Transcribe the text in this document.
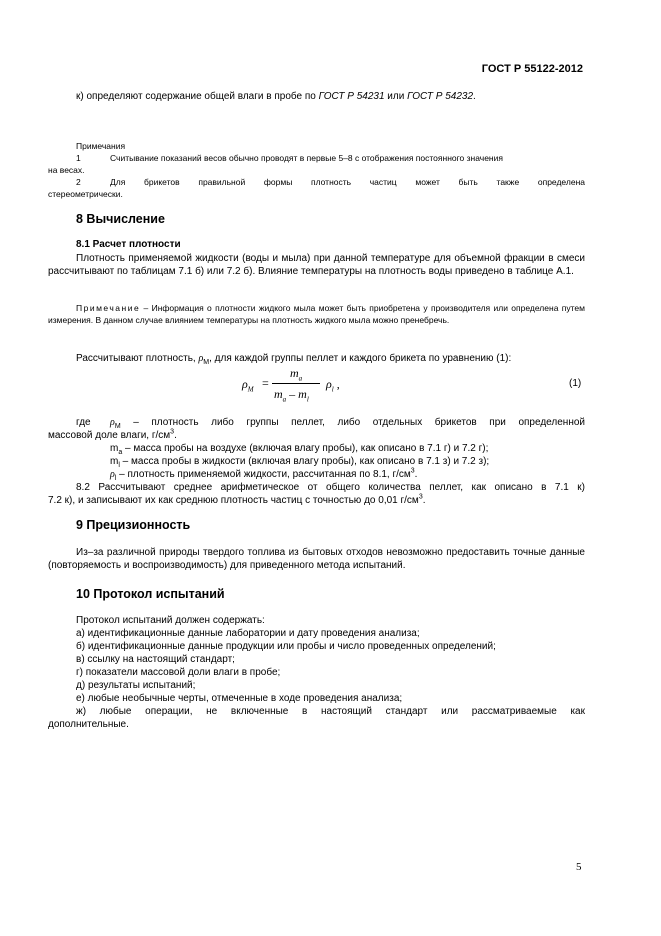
ГОСТ Р 55122-2012
к) определяют содержание общей влаги в пробе по ГОСТ Р 54231 или ГОСТ Р 54232.
Примечания
1	Считывание показаний весов обычно проводят в первые 5–8 с отображения постоянного значения
на весах.
2	Для брикетов правильной формы плотность частиц может быть также определена
стереометрически.
8 Вычисление
8.1 Расчет плотности
Плотность применяемой жидкости (воды и мыла) при данной температуре для объемной фракции в смеси рассчитывают по таблицам 7.1 б) или 7.2 б). Влияние температуры на плотность воды приведено в таблице А.1.
Примечание – Информация о плотности жидкого мыла может быть приобретена у производителя или определена путем измерения. В данном случае влиянием температуры на плотность жидкого мыла можно пренебречь.
Рассчитывают плотность, $\rho_M$, для каждой группы пеллет и каждого брикета по уравнению (1):
$\rho_M$ =
$m_a$
$m_a - m_l$
$\rho_l$ ,	(1)
где $\rho_M$ – плотность либо группы пеллет, либо отдельных брикетов при определенной
массовой доле влаги, $г/см^3$.
$m_a$ – масса пробы на воздухе (включая влагу пробы), как описано в 7.1 г) и 7.2 г);
$m_l$ – масса пробы в жидкости (включая влагу пробы), как описано в 7.1 з) и 7.2 з);
$\rho_l$ – плотность применяемой жидкости, рассчитанная по 8.1, $г/см^3$.
8.2 Рассчитывают среднее арифметическое от общего количества пеллет, как описано в 7.1 к)
7.2 к), и записывают их как среднюю плотность частиц с точностью до 0,01 $г/см^3$.
9 Прецизионность
Из–за различной природы твердого топлива из бытовых отходов невозможно предоставить точные данные (повторяемость и воспроизводимость) для приведенного метода испытаний.
10 Протокол испытаний
Протокол испытаний должен содержать:
а) идентификационные данные лаборатории и дату проведения анализа;
б) идентификационные данные продукции или пробы и число проведенных определений;
в) ссылку на настоящий стандарт;
г) показатели массовой доли влаги в пробе;
д) результаты испытаний;
е) любые необычные черты, отмеченные в ходе проведения анализа;
ж) любые операции, не включенные в настоящий стандарт или рассматриваемые как
дополнительные.
5
